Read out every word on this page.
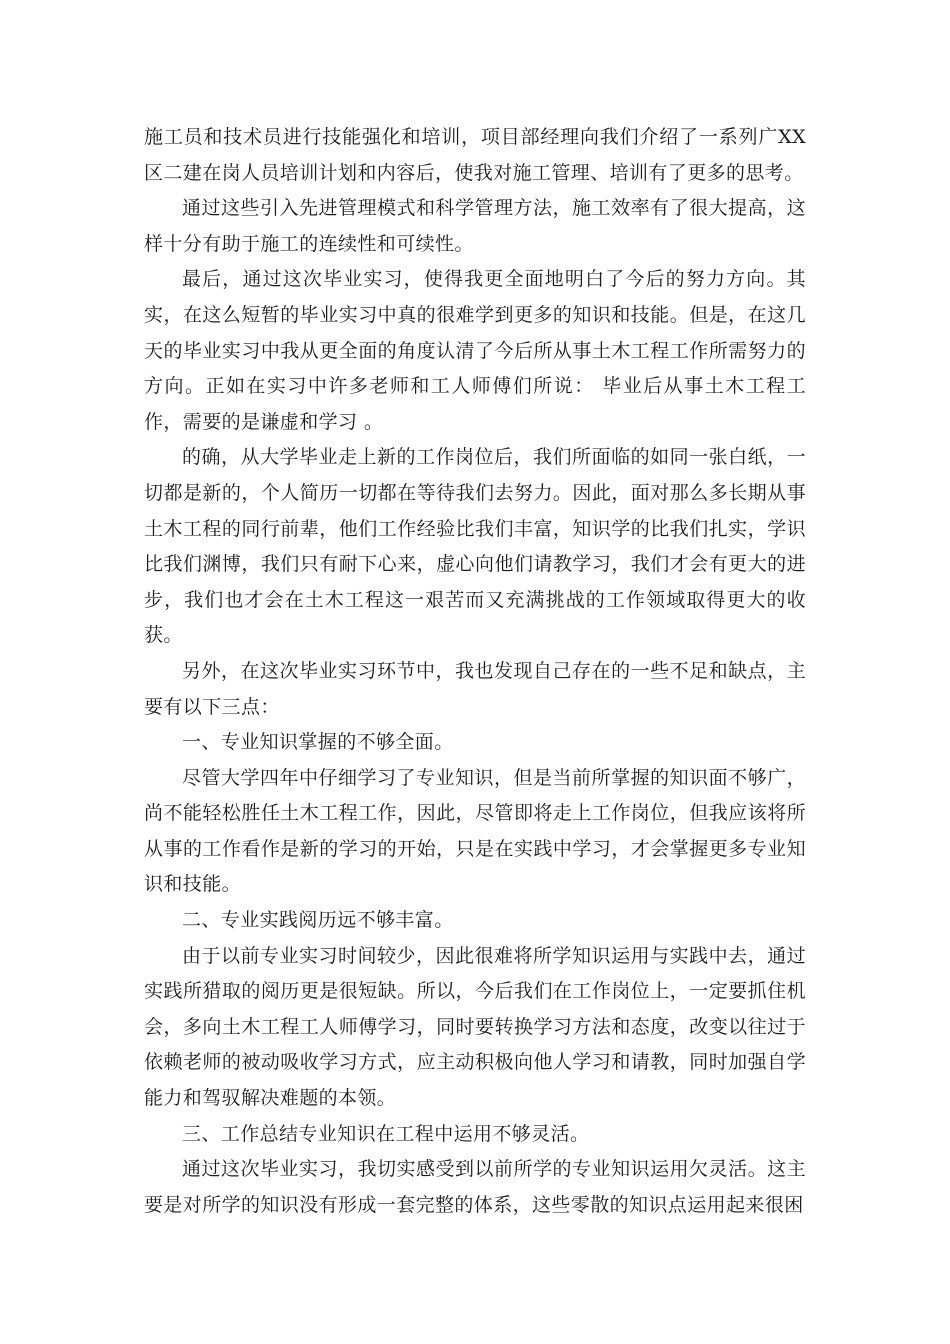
施工员和技术员进行技能强化和培训，项目部经理向我们介绍了一系列广XX区二建在岗人员培训计划和内容后，使我对施工管理、培训有了更多的思考。

通过这些引入先进管理模式和科学管理方法，施工效率有了很大提高，这样十分有助于施工的连续性和可续性。

最后，通过这次毕业实习，使得我更全面地明白了今后的努力方向。其实，在这么短暂的毕业实习中真的很难学到更多的知识和技能。但是，在这几天的毕业实习中我从更全面的角度认清了今后所从事土木工程工作所需努力的方向。正如在实习中许多老师和工人师傅们所说： 毕业后从事土木工程工作，需要的是谦虚和学习 。

的确，从大学毕业走上新的工作岗位后，我们所面临的如同一张白纸，一切都是新的，个人简历一切都在等待我们去努力。因此，面对那么多长期从事土木工程的同行前辈，他们工作经验比我们丰富，知识学的比我们扎实，学识比我们渊博，我们只有耐下心来，虚心向他们请教学习，我们才会有更大的进步，我们也才会在土木工程这一艰苦而又充满挑战的工作领域取得更大的收获。

另外，在这次毕业实习环节中，我也发现自己存在的一些不足和缺点，主要有以下三点：

一、专业知识掌握的不够全面。

尽管大学四年中仔细学习了专业知识，但是当前所掌握的知识面不够广，尚不能轻松胜任土木工程工作，因此，尽管即将走上工作岗位，但我应该将所从事的工作看作是新的学习的开始，只是在实践中学习，才会掌握更多专业知识和技能。

二、专业实践阅历远不够丰富。

由于以前专业实习时间较少，因此很难将所学知识运用与实践中去，通过实践所猎取的阅历更是很短缺。所以，今后我们在工作岗位上，一定要抓住机会，多向土木工程工人师傅学习，同时要转换学习方法和态度，改变以往过于依赖老师的被动吸收学习方式，应主动积极向他人学习和请教，同时加强自学能力和驾驭解决难题的本领。

三、工作总结专业知识在工程中运用不够灵活。

通过这次毕业实习，我切实感受到以前所学的专业知识运用欠灵活。这主要是对所学的知识没有形成一套完整的体系，这些零散的知识点运用起来很困
